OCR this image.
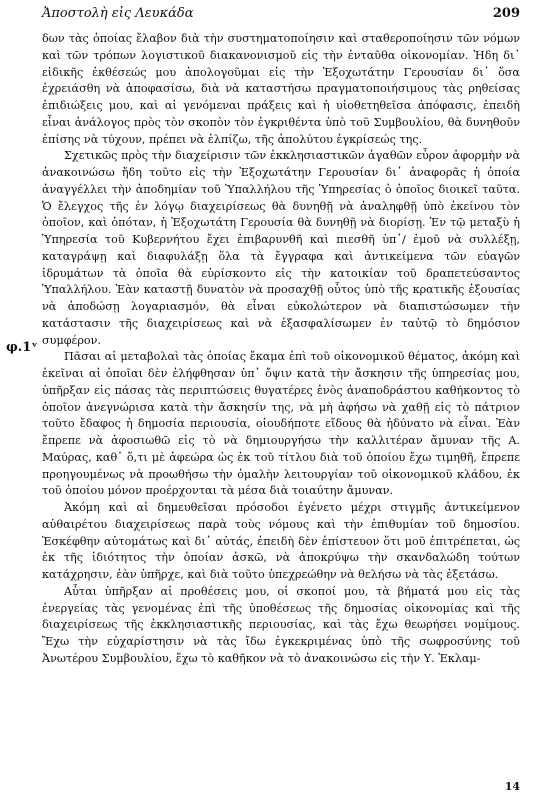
Ἀποστολὴ εἰς Λευκάδα	209
φ.1ᵛ

δων τὰς ὁποίας ἔλαβον διὰ τὴν συστηματοποίησιν καὶ σταθεροποίησιν τῶν νόμων καὶ τῶν τρόπων λογιστικοῦ διακανονισμοῦ εἰς τὴν ἐνταῦθα οἰκονομίαν. Ἠδη δι᾽ εἰδικῆς ἐκθέσεώς μου ἀπολογοῦμαι εἰς τὴν Ἐξοχωτάτην Γερουσίαν δι᾽ ὅσα ἐχρειάσθη νὰ ἀποφασίσω, διὰ νὰ καταστήσω πραγματοποιήσιμους τὰς ρηθείσας ἐπιδιώξεις μου, καὶ αἱ γενόμεναι πράξεις καὶ ἡ υἱοθετηθεῖσα ἀπόφασις, ἐπειδὴ εἶναι ἀνάλογος πρὸς τὸν σκοπὸν τὸν ἐγκριθέντα ὑπὸ τοῦ Συμβουλίου, θὰ δυνηθοῦν ἐπίσης νὰ τύχουν, πρέπει νὰ ἐλπίζω, τῆς ἀπολύτου ἐγκρίσεώς της.

Σχετικῶς πρὸς τὴν διαχείρισιν τῶν ἐκκλησιαστικῶν ἀγαθῶν εὗρον ἀφορμὴν νὰ ἀνακοινώσω ἤδη τοῦτο εἰς τὴν Ἐξοχωτάτην Γερουσίαν δι᾽ ἀναφορᾶς ἡ ὁποία ἀναγγέλλει τὴν ἀποδημίαν τοῦ Ὑπαλλήλου τῆς Ὑπηρεσίας ὁ ὁποῖος διοικεῖ ταῦτα. Ὁ ἔλεγχος τῆς ἐν λόγῳ διαχειρίσεως θὰ δυνηθῇ νὰ ἀναληφθῇ ὑπὸ ἐκείνου τὸν ὁποῖον, καὶ ὁπόταν, ἡ Ἐξοχωτάτη Γερουσία θὰ δυνηθῇ νὰ διορίσῃ. Ἐν τῷ μεταξὺ ἡ Ὑπηρεσία τοῦ Κυβερνήτου ἔχει ἐπιβαρυνθῆ καὶ πιεσθῆ ὑπ᾽/ ἐμοῦ νὰ συλλέξῃ, καταγράψῃ καὶ διαφυλάξῃ ὅλα τὰ ἔγγραφα καὶ ἀντικείμενα τῶν εὐαγῶν ἱδρυμάτων τὰ ὁποῖα θὰ εὑρίσκοντο εἰς τὴν κατοικίαν τοῦ δραπετεύσαντος Ὑπαλλήλου. Ἐὰν καταστῇ δυνατὸν νὰ προσαχθῇ οὗτος ὑπὸ τῆς κρατικῆς ἐξουσίας νὰ ἀποδώσῃ λογαριασμόν, θὰ εἶναι εὐκολώτερον νὰ διαπιστώσωμεν τὴν κατάστασιν τῆς διαχειρίσεως καὶ νὰ ἐξασφαλίσωμεν ἐν ταὐτῷ τὸ δημόσιον συμφέρον.

Πᾶσαι αἱ μεταβολαὶ τὰς ὁποίας ἔκαμα ἐπὶ τοῦ οἰκονομικοῦ θέματος, ἀκόμη καὶ ἐκεῖναι αἱ ὁποῖαι δὲν ἐλήφθησαν ὑπ᾽ ὄψιν κατὰ τὴν ἄσκησιν τῆς ὑπηρεσίας μου, ὑπῆρξαν εἰς πάσας τὰς περιπτώσεις θυγατέρες ἑνὸς ἀναποδράστου καθήκοντος τὸ ὁποῖον ἀνεγνώρισα κατὰ τὴν ἄσκησίν της, νὰ μὴ ἀφήσω νὰ χαθῇ εἰς τὸ πάτριον τοῦτο ἔδαφος ἡ δημοσία περιουσία, οἱουδήποτε εἴδους θὰ ἠδύνατο νὰ εἶναι. Ἐὰν ἔπρεπε νὰ ἀφοσιωθῶ εἰς τὸ νὰ δημιουργήσω τὴν καλλιτέραν ἄμυναν τῆς Α. Μαύρας, καθ᾽ ὅ,τι μὲ ἀφεώρα ὡς ἐκ τοῦ τίτλου διὰ τοῦ ὁποίου ἔχω τιμηθῆ, ἔπρεπε προηγουμένως νὰ προωθήσω τὴν ὁμαλὴν λειτουργίαν τοῦ οἰκονομικοῦ κλάδου, ἐκ τοῦ ὁποίου μόνον προέρχονται τὰ μέσα διὰ τοιαύτην ἄμυναν.

Ἀκόμη καὶ αἱ δημευθεῖσαι πρόσοδοι ἐγένετο μέχρι στιγμῆς ἀντικείμενον αὐθαιρέτου διαχειρίσεως παρὰ τοὺς νόμους καὶ τὴν ἐπιθυμίαν τοῦ δημοσίου. Ἐσκέφθην αὐτομάτως καὶ δι᾽ αὐτάς, ἐπειδὴ δὲν ἐπίστευον ὅτι μοῦ ἐπιτρέπεται, ὡς ἐκ τῆς ἰδιότητος τὴν ὁποίαν ἀσκῶ, νὰ ἀποκρύψω τὴν σκανδαλώδη τούτων κατάχρησιν, ἐὰν ὑπῆρχε, καὶ διὰ τοῦτο ὑπεχρεώθην νὰ θελήσω νὰ τὰς ἐξετάσω.

Αὗται ὑπῆρξαν αἱ προθέσεις μου, οἱ σκοποί μου, τὰ βήματά μου εἰς τὰς ἐνεργείας τὰς γενομένας ἐπὶ τῆς ὑποθέσεως τῆς δημοσίας οἰκονομίας καὶ τῆς διαχειρίσεως τῆς ἐκκλησιαστικῆς περιουσίας, καὶ τὰς ἔχω θεωρήσει νομίμους. Ἔχω τὴν εὐχαρίστησιν νὰ τὰς ἴδω ἐγκεκριμένας ὑπὸ τῆς σωφροσύνης τοῦ Ἀνωτέρου Συμβουλίου, ἔχω τὸ καθῆκον νὰ τὸ ἀνακοινώσω εἰς τὴν Υ. Ἐκλαμ-

14
